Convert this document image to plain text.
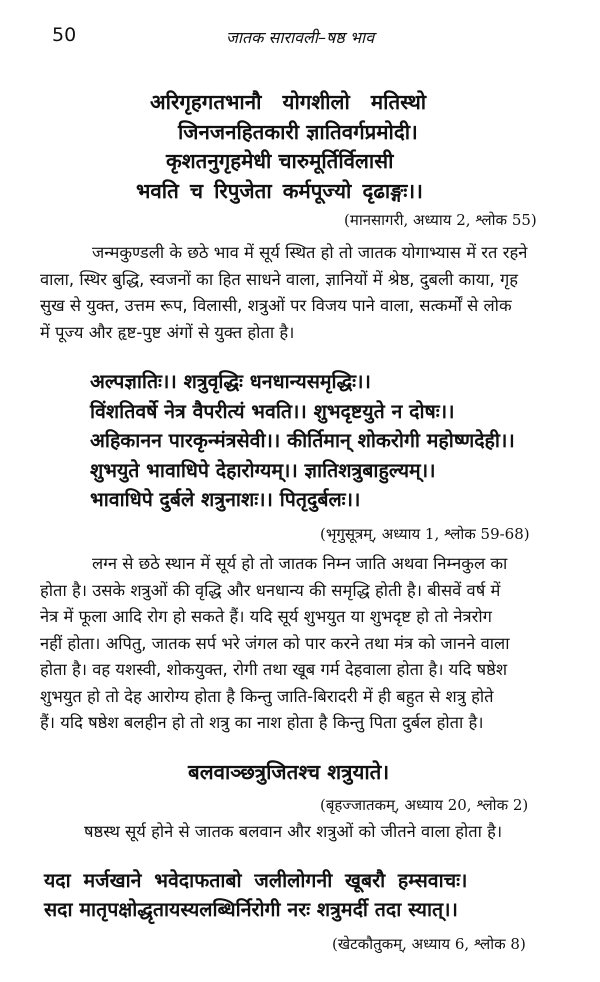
50	जातक सारावली–षष्ठ भाव
अरिगृहगतभानौ योगशीलो मतिस्थो
जिनजनहितकारी ज्ञातिवर्गप्रमोदी।
कृशतनुगृहमेधी चारुमूर्तिर्विलासी
भवति च रिपुजेता कर्मपूज्यो दृढाङ्गः।।
(मानसागरी, अध्याय 2, श्लोक 55)
जन्मकुण्डली के छठे भाव में सूर्य स्थित हो तो जातक योगाभ्यास में रत रहने
वाला, स्थिर बुद्धि, स्वजनों का हित साधने वाला, ज्ञानियों में श्रेष्ठ, दुबली काया, गृह
सुख से युक्त, उत्तम रूप, विलासी, शत्रुओं पर विजय पाने वाला, सत्कर्मों से लोक
में पूज्य और हृष्ट-पुष्ट अंगों से युक्त होता है।
अल्पज्ञातिः।। शत्रुवृद्धिः धनधान्यसमृद्धिः।।
विंशतिवर्षे नेत्र वैपरीत्यं भवति।। शुभदृष्टयुते न दोषः।।
अहिकानन पारकृन्मंत्रसेवी।। कीर्तिमान् शोकरोगी महोष्णदेही।।
शुभयुते भावाधिपे देहारोग्यम्।। ज्ञातिशत्रुबाहुल्यम्।।
भावाधिपे दुर्बले शत्रुनाशः।। पितृदुर्बलः।।
(भृगुसूत्रम्, अध्याय 1, श्लोक 59-68)
लग्न से छठे स्थान में सूर्य हो तो जातक निम्न जाति अथवा निम्नकुल का
होता है। उसके शत्रुओं की वृद्धि और धनधान्य की समृद्धि होती है। बीसवें वर्ष में
नेत्र में फूला आदि रोग हो सकते हैं। यदि सूर्य शुभयुत या शुभदृष्ट हो तो नेत्ररोग
नहीं होता। अपितु, जातक सर्प भरे जंगल को पार करने तथा मंत्र को जानने वाला
होता है। वह यशस्वी, शोकयुक्त, रोगी तथा खूब गर्म देहवाला होता है। यदि षष्ठेश
शुभयुत हो तो देह आरोग्य होता है किन्तु जाति-बिरादरी में ही बहुत से शत्रु होते
हैं। यदि षष्ठेश बलहीन हो तो शत्रु का नाश होता है किन्तु पिता दुर्बल होता है।
बलवाञ्छत्रुजितश्च शत्रुयाते।
(बृहज्जातकम्, अध्याय 20, श्लोक 2)
षष्ठस्थ सूर्य होने से जातक बलवान और शत्रुओं को जीतने वाला होता है।
यदा मर्जखाने भवेदाफताबो जलीलोगनी खूबरौ हम्सवाचः।
सदा मातृपक्षोद्धृतायस्यलब्धिर्निरोगी नरः शत्रुमर्दी तदा स्यात्।।
(खेटकौतुकम्, अध्याय 6, श्लोक 8)
